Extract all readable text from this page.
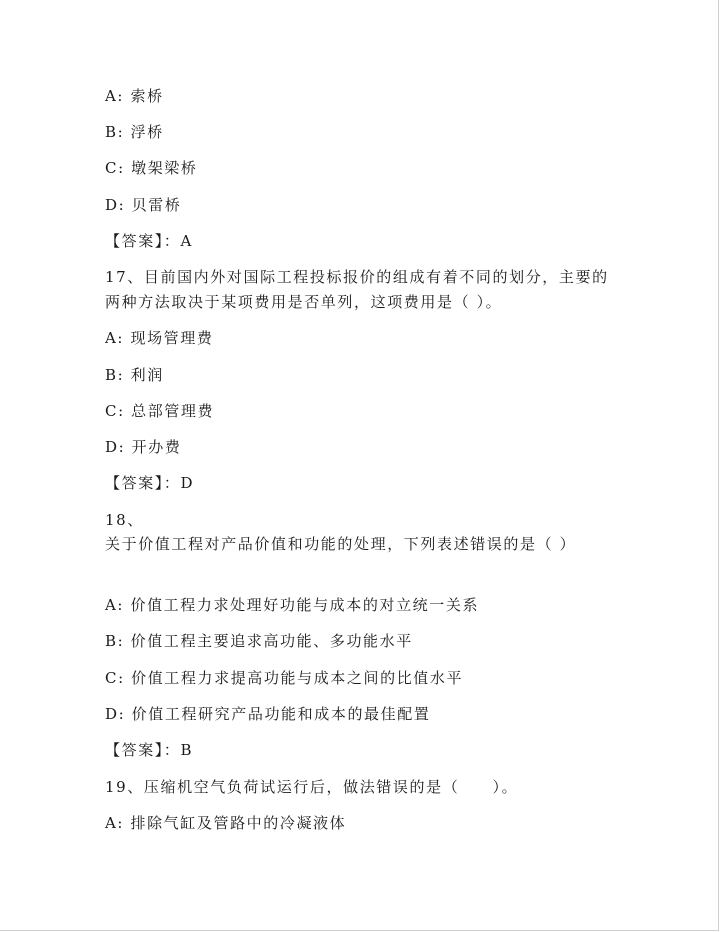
A: 索桥
B: 浮桥
C: 墩架梁桥
D: 贝雷桥
【答案】：A
17、目前国内外对国际工程投标报价的组成有着不同的划分，主要的
两种方法取决于某项费用是否单列，这项费用是（ ）。
A: 现场管理费
B: 利润
C: 总部管理费
D: 开办费
【答案】：D
18、
关于价值工程对产品价值和功能的处理，下列表述错误的是（ ）
A: 价值工程力求处理好功能与成本的对立统一关系
B: 价值工程主要追求高功能、多功能水平
C: 价值工程力求提高功能与成本之间的比值水平
D: 价值工程研究产品功能和成本的最佳配置
【答案】：B
19、压缩机空气负荷试运行后，做法错误的是（　　）。
A: 排除气缸及管路中的冷凝液体
